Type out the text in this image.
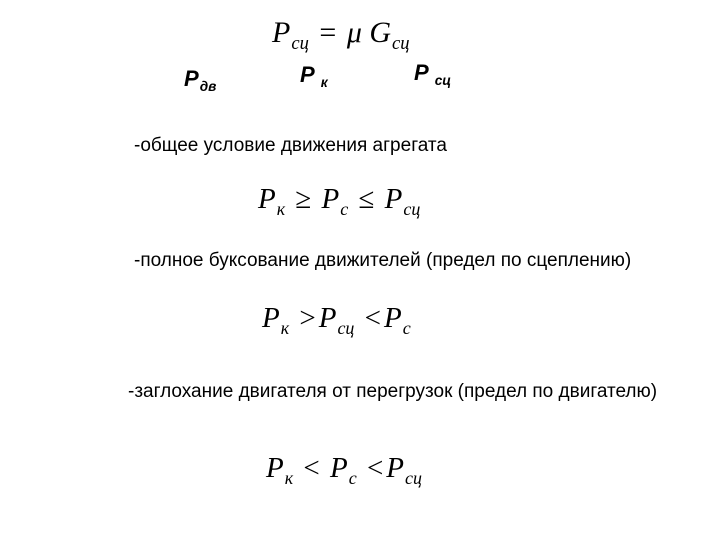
$P_{сц} = \mu$ $G_{сц}$
$P_{дв}$	P $_к$	P $_{сц}$
-общее условие движения агрегата
$P_к \ge P_с \le P_{сц}$
-полное буксование движителей (предел по сцеплению)
$P_к > P_{сц} < P_с$
-заглохание двигателя от перегрузок (предел по двигателю)
$P_к < P_с < P_{сц}$
